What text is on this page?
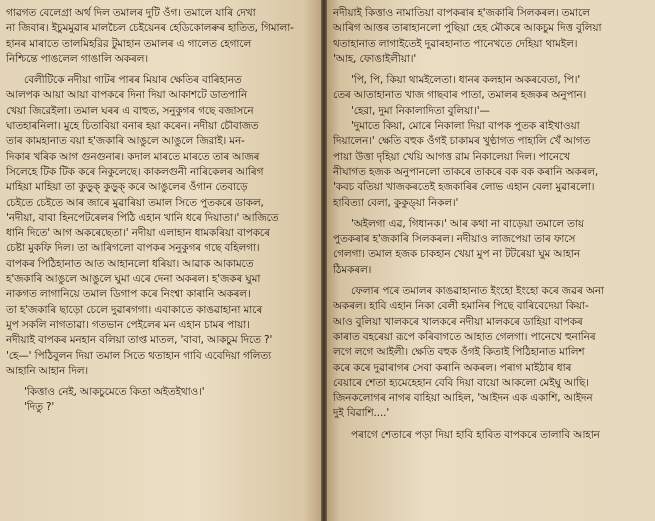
গাৱগত বেলেগ্ৰা অৰ্থ দিল তমালৰ দুটি ওঁগ। তমালে যাৰি দেখা
না জিবাৰ। ইচুমমুৱাৰ মালচৈল চেইয়েনৰ হেডিকোলৰুৰ হাতিত, গিমালা-
হানৰ মাৰাতে তালমিহরির টুমাহান তমালৰ এ গালেত হেগালে
নিশ্চিন্তে পাঙলেল গাঙালি অকৰল।
বেলীটিকে নদীয়া গাটৰ পাৰৰ মিয়াৰ ক্ষেতিৰ বাৰিহানত
আলপক আয়া আয়া বাপকৰে দিনা দিয়া আকাশটে ডাতপানি
খেয়া জিরেইলা। তমাল ঘৰৰ এ বাহুত, সনুকুগৰ গছে বজাসনে
ঘাতহাৰনিলা। মুহে চিতাবিয়া বনাৰ হয়া কৰেন। নদীয়া চৌবাজত
তাৰ কামহানাত বয়া হ'জকাৰি আঙুলে আঙুলে জিরাই। মন-
দিকাৰ খৰিক আগ গুনগুনাৰ। কদাল মাৰতে মাৰতে তাৰ আজৰ
সিলেহে টিক টিক কৰে নিকুলেছে। কাকলগুনী নাৰিকেলৰ আৰিগ
মাহিয়া মাহিয়া তা কুড়ুক্ কুড়ুক্ কৰে আঙুলেৰ ওঁগান তেবাড়ে
চেইতে চেইতে আৰ জাৰে মুৱাৰিয়া তমাল সিতে পুতকৰে ডাকল,
'নদীয়া, বাবা হিনপেটৰেলৰ পিঠি এহান খানি ধৰে দিয়াতা।' আজিতে
ধানি দিতে' আগ অকৰেছেতা।' নদীয়া এলাহান ধামকৰিয়া বাপকৰে
চেষ্টা মুকফি দিল। তা আৰিগলো বাপকৰ সনুকুগৰ গছে বহিলগা।
বাপকৰ পিঠিহানাত আত আহানলো ধৰিয়া। আৱাক আকামতে
হ'জকাৰি আঙুলে আঙুলে ঘুমা এৰে দেনা অকৰল। হ'জকৰ ঘুমা
নাকগত লাগানিয়ে তমাল ডিগাপ কৰে নিংশ্বা কাৰানি অকৰল।
তা হ'জকাৰি ছাড়ো চেলে দুৱাৰগগা। এবাকাতে কাঙৱাহানা মাৰে
মুপ সকলি নাগতাৱা। গতভান পেইলেৰ মন এহান চামৰ পায়া।
নদীয়াই বাপকৰ মনহান বলিয়া তাপ্ত মাতল, 'বাবা, আকচুম দিতে ?'
'হে—' পিঠিবুলন দিয়া তমাল সিতে থতাহান গাবি এবেদিয়া গলিত্য
আহানি আহান দিল।
'কিত্তাও নেই, আকচুমেতে কিতা অইতইথাও।'
'দিতু ?'
নদীয়াই কিত্তাও নামাতিয়া বাপকৰাৰ হ'জকাৰি সিলকৰল। তমালে
আৰিগ আত্তৰ তাৰাহানলো পুছিয়া হেহ মৌকৰে আকচুম দিত্ত বুলিয়া
থতাহানাত লাগাইতেই দুৱাৰহানাত পানেখতে দেহিয়া থামইল।
'আহ, ফোঙাইলীয়া।'
'পি, পি, কিয়া থামইলেতা। ধানৰ কলহান অকৰবেতা, পি।'
তেৰ আতাহানাত খাজ গাছবাৰ পাতা, তমালৰ হজকৰ অনুপান।
'হেরা, দুমা নিকালাদিতা বুলিয়া।'—
'দুমাতে কিয়া, মোৰে নিকালা দিয়া বাপক পুতক ৰাইখাওয়া
দিয়ালেন।' ক্ষেতি বহুক ওঁগই চাকামৰ খুণ্ঠাগত পাহালি খেঁ আগত
পায়া উত্তা দৃহিয়া খেয়ি আগত্ত রাম নিকালেয়া দিল। পানেখে
নীঘাগত হজক অনুপানলো তাকৰে তাকৰে বক বক কৰানি অকৰল,
'কবচ বতিয়া খাজকৰতেই হজকাৰিৰ লোভ এহান বেলা মুৱাৰলো।
হাবিত্যা বেলা, কুকুড্য়া নিকল।'
'অইলগা এৱ, গিধানক।' আৰ কথা না বাড়েয়া তমালে তায়
পুতকৰাৰ হ'জকাৰি সিলকৰল। নদীয়াও লাজপেয়া তাৰ ফাসে
গেলগা। তমাল হজক চাকহান খেয়া মুপ না টটৰেয়া ঘুম আহান
ঠিমকৰল।
ফেলাৰ পৰে তমালৰ কাঙৱাহানাত ইংহো ইংহো কৰে জৱৰ অনা
অকৰল। হাবি এহান নিকা বেলী হমানিৰ পিছে বাৰিবেদেয়া কিয়া-
আও বুলিয়া খালকৰে খালকৰে নদীয়া মালকৰে ডাহিয়া বাপকৰ
কাৰাত বহৰেয়া রূপে কৰিবাগতে আহাত গেলগা। পানেখে হুনানিৰ
লগে লগে আইলী। ক্ষেতি বহুক ওঁগই কিতাই পিঠিহানাত মালিশ
কৰে কৰে দুৱাৰাগৰ সেবা কৰানি অকৰল। পৰাগ মাইঠাৰ ধাৰ
বেয়াৰে শেতা হ্যমেহেহান বেবি দিয়া বায়ো আকলো মেইঘু আছি।
জিনকলোগৰ নাগৰ বাহিয়া আহিল, 'আইদন এক একাশি, আইদন
দুই বিৱাশি....'
পৰাগে শেতাৰে পড়া দিয়া হাবি হাবিত বাপকৰে তালাবি আহান
